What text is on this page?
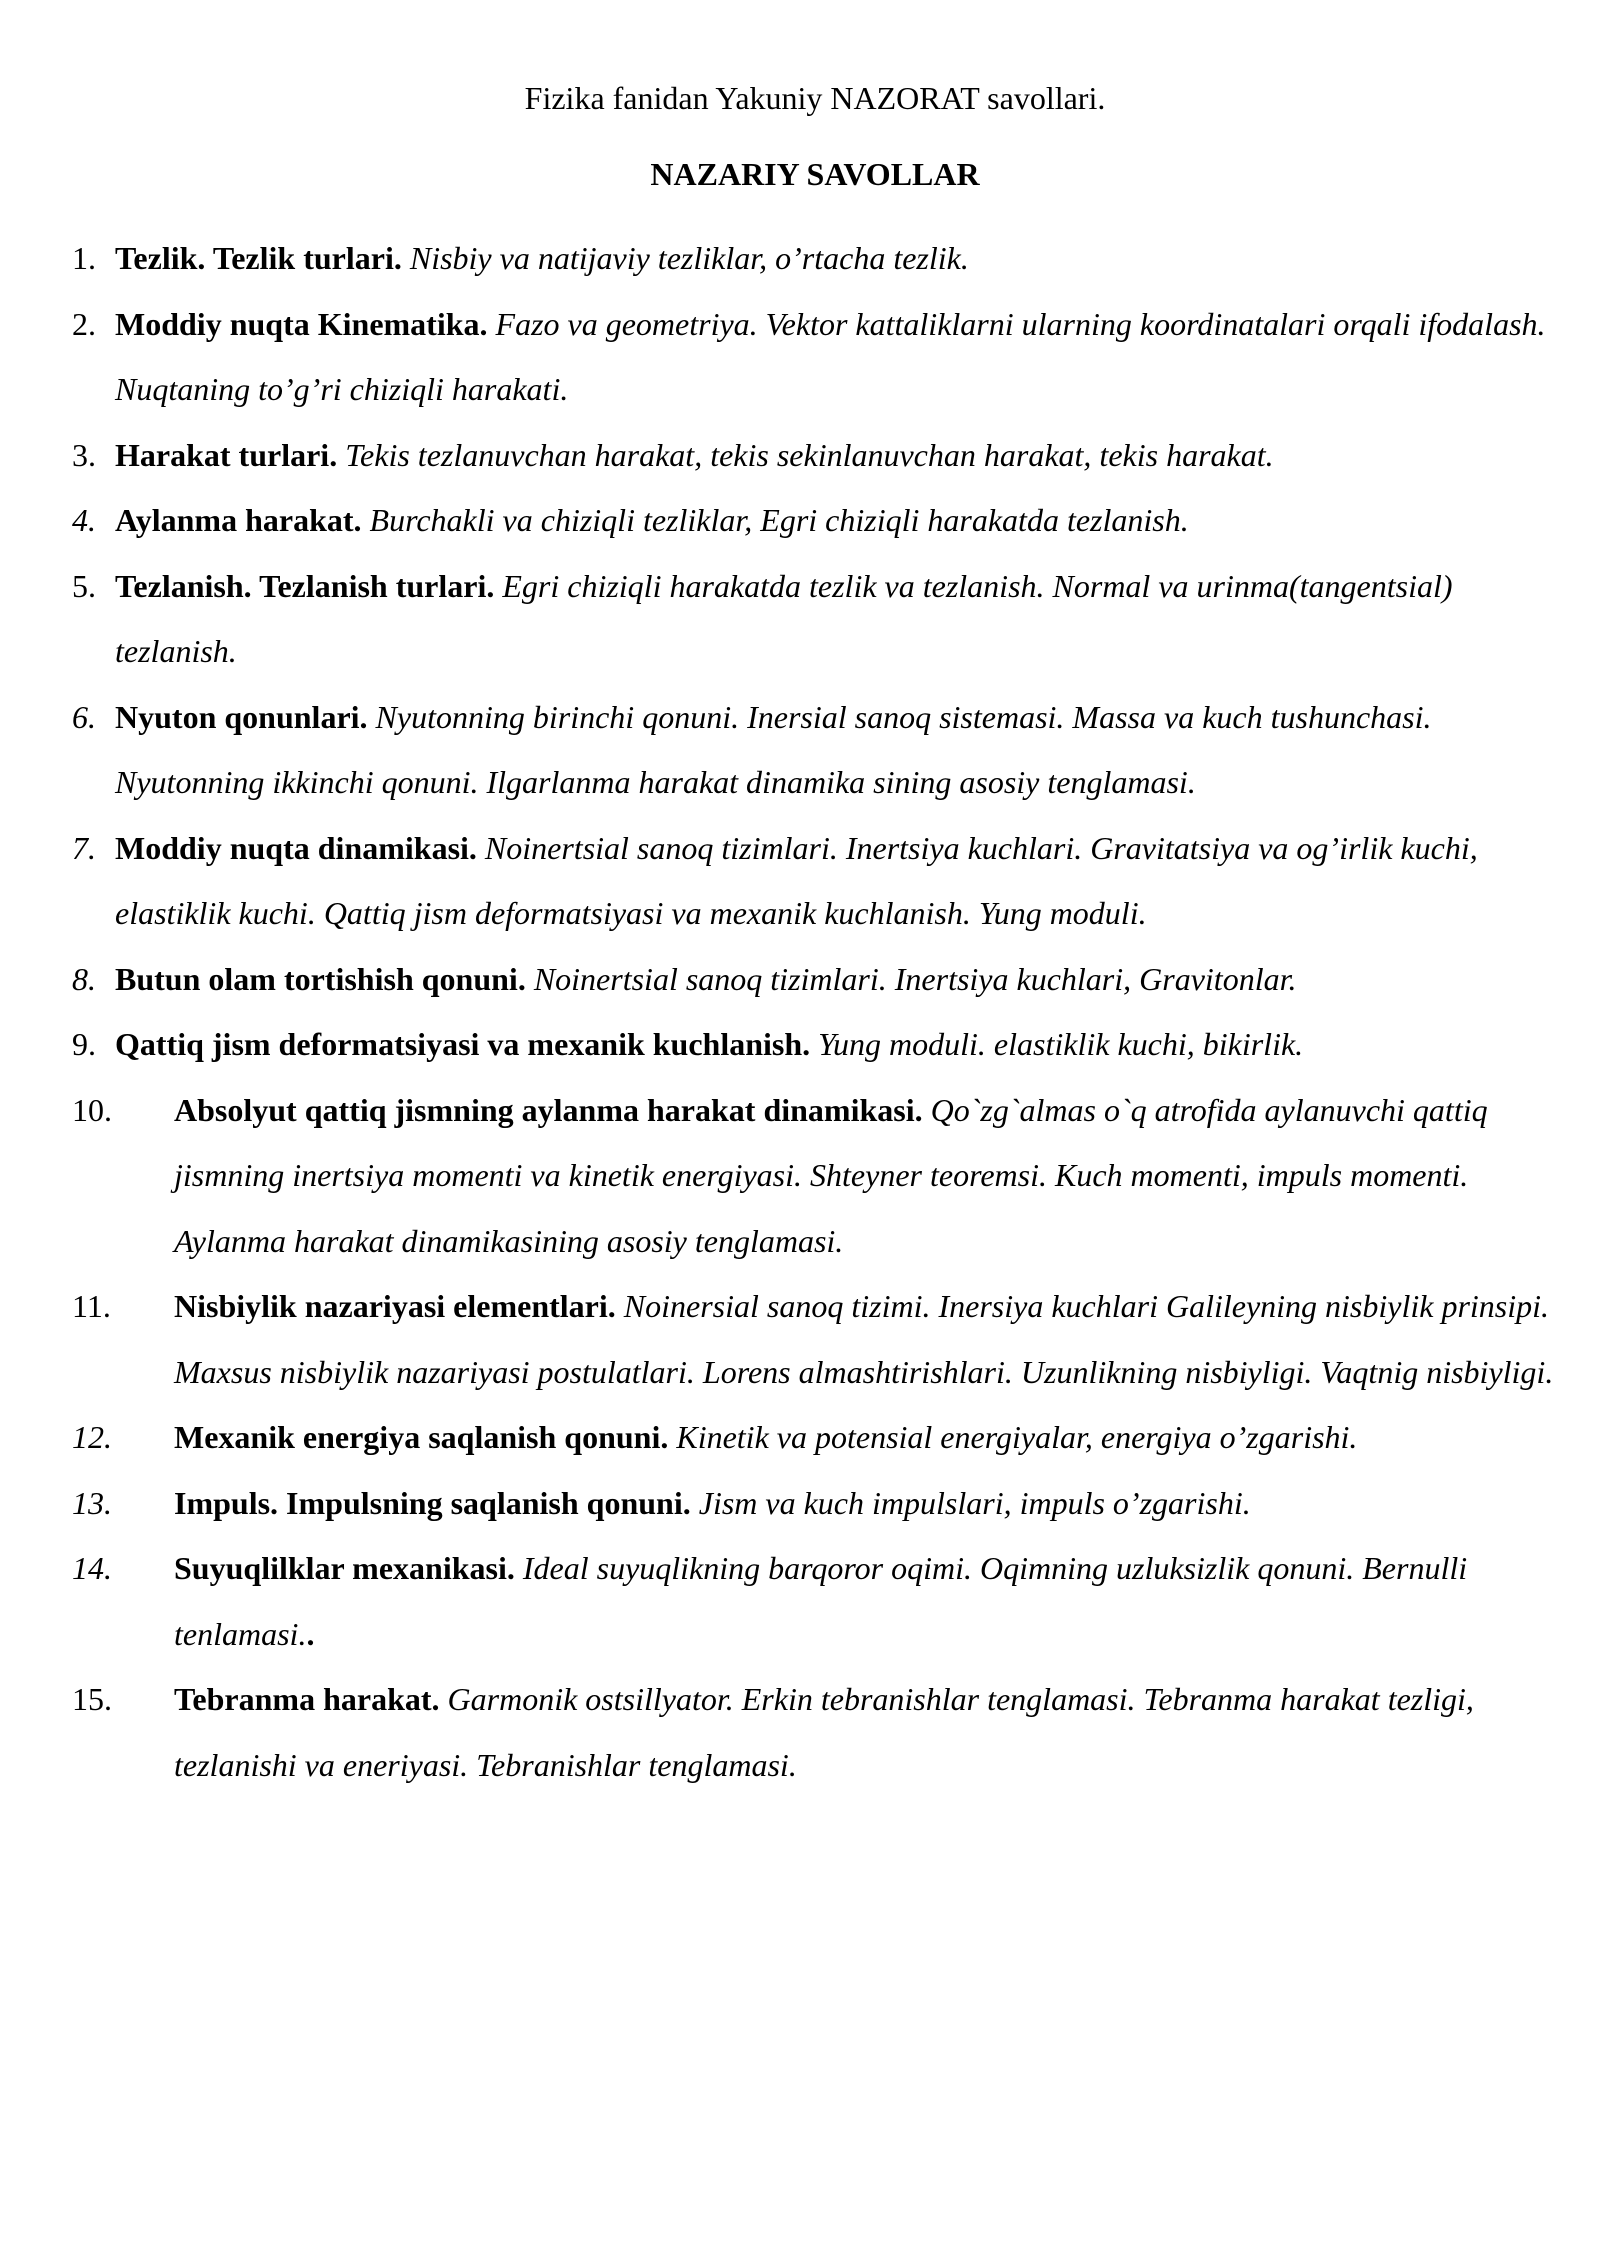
Fizika fanidan Yakuniy NAZORAT savollari.
NAZARIY SAVOLLAR
1. Tezlik. Tezlik turlari. Nisbiy va natijaviy tezliklar, o’rtacha tezlik.
2. Moddiy nuqta Kinematika. Fazo va geometriya. Vektor kattaliklarni ularning koordinatalari orqali ifodalash. Nuqtaning to’g’ri chiziqli harakati.
3. Harakat turlari. Tekis tezlanuvchan harakat, tekis sekinlanuvchan harakat, tekis harakat.
4. Aylanma harakat. Burchakli va chiziqli tezliklar, Egri chiziqli harakatda tezlanish.
5. Tezlanish. Tezlanish turlari. Egri chiziqli harakatda tezlik va tezlanish. Normal va urinma(tangentsial) tezlanish.
6. Nyuton qonunlari. Nyutonning birinchi qonuni. Inersial sanoq sistemasi. Massa va kuch tushunchasi. Nyutonning ikkinchi qonuni. Ilgarlanma harakat dinamika sining asosiy tenglamasi.
7. Moddiy nuqta dinamikasi. Noinertsial sanoq tizimlari. Inertsiya kuchlari. Gravitatsiya va og’irlik kuchi, elastiklik kuchi. Qattiq jism deformatsiyasi va mexanik kuchlanish. Yung moduli.
8. Butun olam tortishish qonuni. Noinertsial sanoq tizimlari. Inertsiya kuchlari, Gravitonlar.
9. Qattiq jism deformatsiyasi va mexanik kuchlanish. Yung moduli. elastiklik kuchi, bikirlik.
10. Absolyut qattiq jismning aylanma harakat dinamikasi. Qo`zg`almas o`q atrofida aylanuvchi qattiq jismning inertsiya momenti va kinetik energiyasi. Shteyner teoremsi. Kuch momenti, impuls momenti. Aylanma harakat dinamikasining asosiy tenglamasi.
11. Nisbiylik nazariyasi elementlari. Noinersial sanoq tizimi. Inersiya kuchlari Galileyning nisbiylik prinsipi. Maxsus nisbiylik nazariyasi postulatlari. Lorens almashtirishlari. Uzunlikning nisbiyligi. Vaqtnig nisbiyligi.
12. Mexanik energiya saqlanish qonuni. Kinetik va potensial energiyalar, energiya o’zgarishi.
13. Impuls. Impulsning saqlanish qonuni. Jism va kuch impulslari, impuls o’zgarishi.
14. Suyuqlilklar mexanikasi. Ideal suyuqlikning barqoror oqimi. Oqimning uzluksizlik qonuni. Bernulli tenlamasi..
15. Tebranma harakat. Garmonik ostsillyator. Erkin tebranishlar tenglamasi. Tebranma harakat tezligi, tezlanishi va eneriyasi. Tebranishlar tenglamasi.
